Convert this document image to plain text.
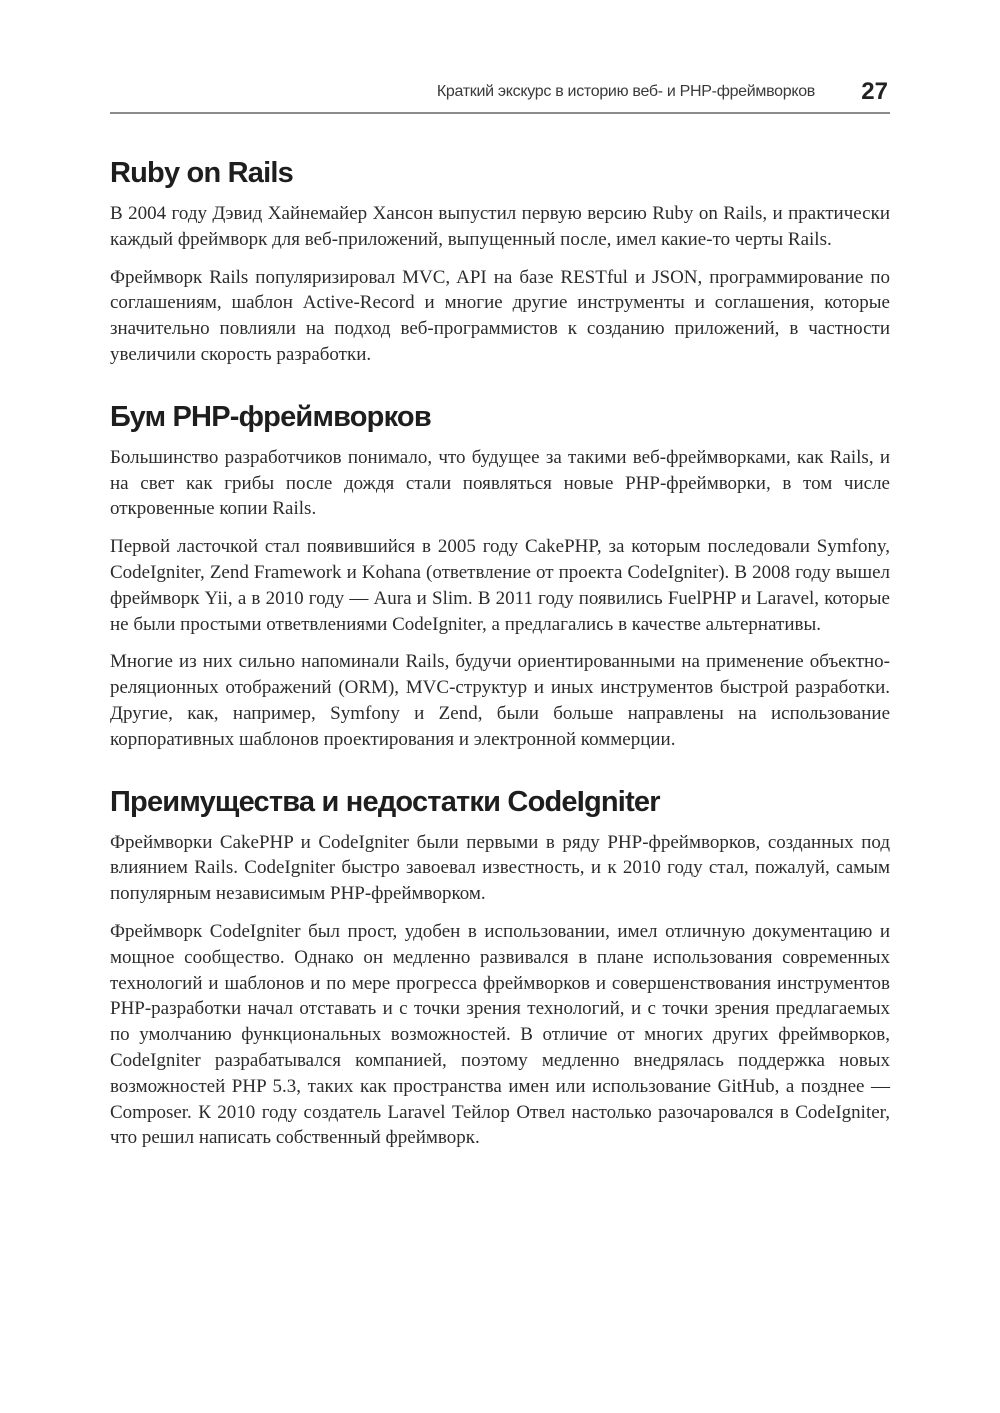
Краткий экскурс в историю веб- и PHP-фреймворков 27
Ruby on Rails

В 2004 году Дэвид Хайнемайер Хансон выпустил первую версию Ruby on Rails, и практически каждый фреймворк для веб-приложений, выпущенный после, имел какие-то черты Rails.

Фреймворк Rails популяризировал MVC, API на базе RESTful и JSON, программирование по соглашениям, шаблон Active-Record и многие другие инструменты и соглашения, которые значительно повлияли на подход веб-программистов к созданию приложений, в частности увеличили скорость разработки.

Бум PHP-фреймворков

Большинство разработчиков понимало, что будущее за такими веб-фреймворками, как Rails, и на свет как грибы после дождя стали появляться новые PHP-фреймворки, в том числе откровенные копии Rails.

Первой ласточкой стал появившийся в 2005 году CakePHP, за которым последовали Symfony, CodeIgniter, Zend Framework и Kohana (ответвление от проекта CodeIgniter). В 2008 году вышел фреймворк Yii, а в 2010 году — Aura и Slim. В 2011 году появились FuelPHP и Laravel, которые не были простыми ответвлениями CodeIgniter, а предлагались в качестве альтернативы.

Многие из них сильно напоминали Rails, будучи ориентированными на применение объектно-реляционных отображений (ORM), MVC-структур и иных инструментов быстрой разработки. Другие, как, например, Symfony и Zend, были больше направлены на использование корпоративных шаблонов проектирования и электронной коммерции.

Преимущества и недостатки CodeIgniter

Фреймворки CakePHP и CodeIgniter были первыми в ряду PHP-фреймворков, созданных под влиянием Rails. CodeIgniter быстро завоевал известность, и к 2010 году стал, пожалуй, самым популярным независимым PHP-фреймворком.

Фреймворк CodeIgniter был прост, удобен в использовании, имел отличную документацию и мощное сообщество. Однако он медленно развивался в плане использования современных технологий и шаблонов и по мере прогресса фреймворков и совершенствования инструментов PHP-разработки начал отставать и с точки зрения технологий, и с точки зрения предлагаемых по умолчанию функциональных возможностей. В отличие от многих других фреймворков, CodeIgniter разрабатывался компанией, поэтому медленно внедрялась поддержка новых возможностей PHP 5.3, таких как пространства имен или использование GitHub, а позднее — Composer. К 2010 году создатель Laravel Тейлор Отвел настолько разочаровался в CodeIgniter, что решил написать собственный фреймворк.
